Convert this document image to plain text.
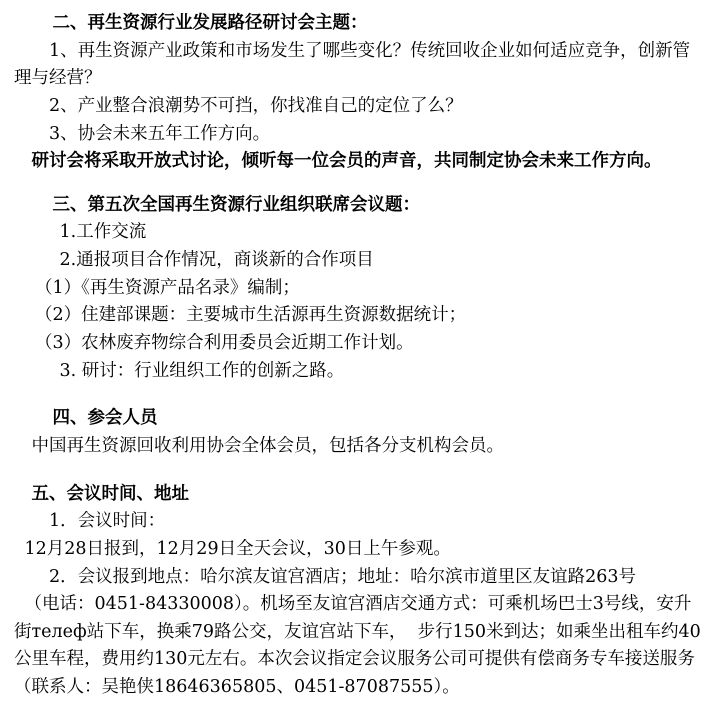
二、再生资源行业发展路径研讨会主题：
1、再生资源产业政策和市场发生了哪些变化？传统回收企业如何适应竞争，创新管理与经营？
2、产业整合浪潮势不可挡，你找准自己的定位了么？
3、协会未来五年工作方向。
研讨会将采取开放式讨论，倾听每一位会员的声音，共同制定协会未来工作方向。
三、第五次全国再生资源行业组织联席会议题：
1.工作交流
2.通报项目合作情况，商谈新的合作项目
（1）《再生资源产品名录》编制；
（2）住建部课题：主要城市生活源再生资源数据统计；
（3）农林废弃物综合利用委员会近期工作计划。
3. 研讨：行业组织工作的创新之路。
四、参会人员
中国再生资源回收利用协会全体会员，包括各分支机构会员。
五、会议时间、地址
1．会议时间：
12月28日报到，12月29日全天会议，30日上午参观。
2．会议报到地点：哈尔滨友谊宫酒店；地址：哈尔滨市道里区友谊路263号
（电话：0451-84330008）。机场至友谊宫酒店交通方式：可乘机场巴士3号线，安升街телеф站下车，换乘79路公交，友谊宫站下车，  步行150米到达；如乘坐出租车约40公里车程，费用约130元左右。本次会议指定会议服务公司可提供有偿商务专车接送服务（联系人：吴艳侠18646365805、0451-87087555）。
